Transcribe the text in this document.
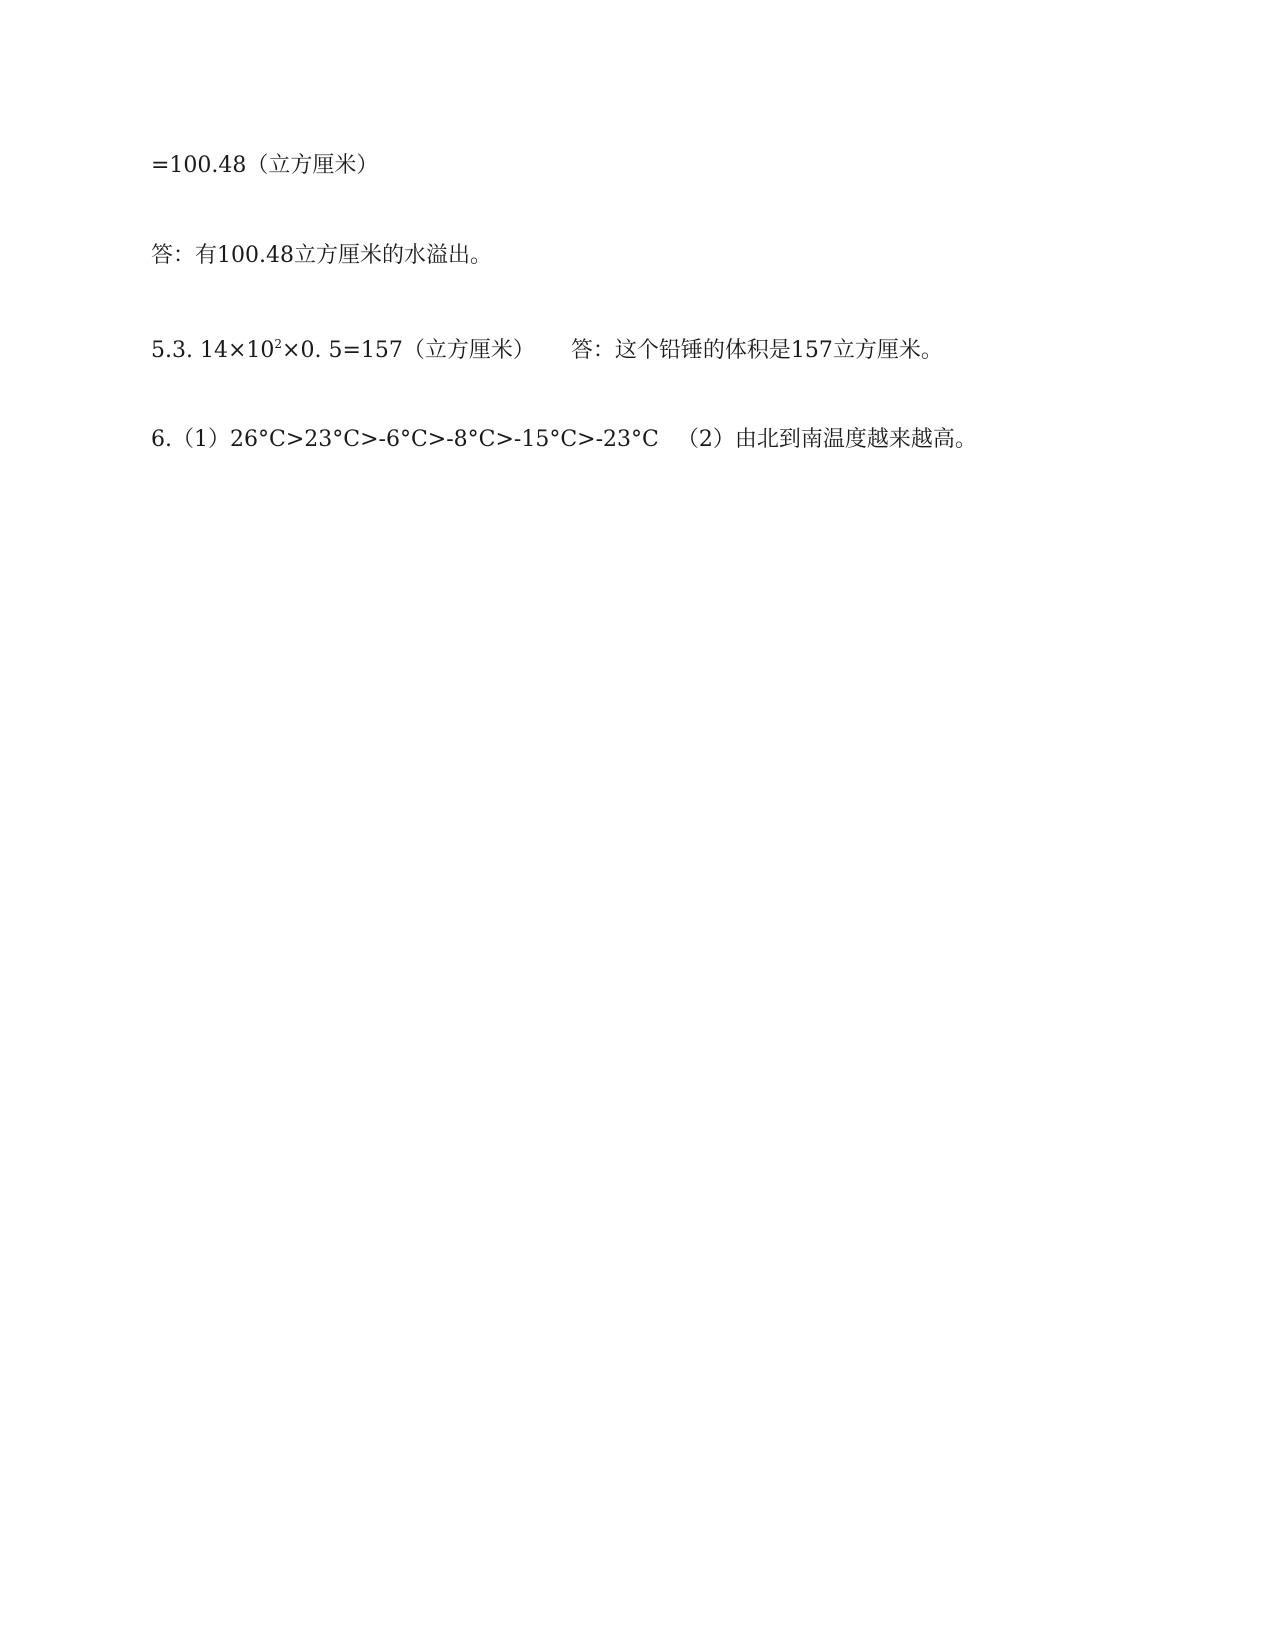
=100.48（立方厘米）
答：有100.48立方厘米的水溢出。
5.3. $14\times 10^2\times 0$. 5=157（立方厘米） 答：这个铅锤的体积是157立方厘米。
6.（1）26°C>23°C>-6°C>-8°C>-15°C>-23°C （2）由北到南温度越来越高。
